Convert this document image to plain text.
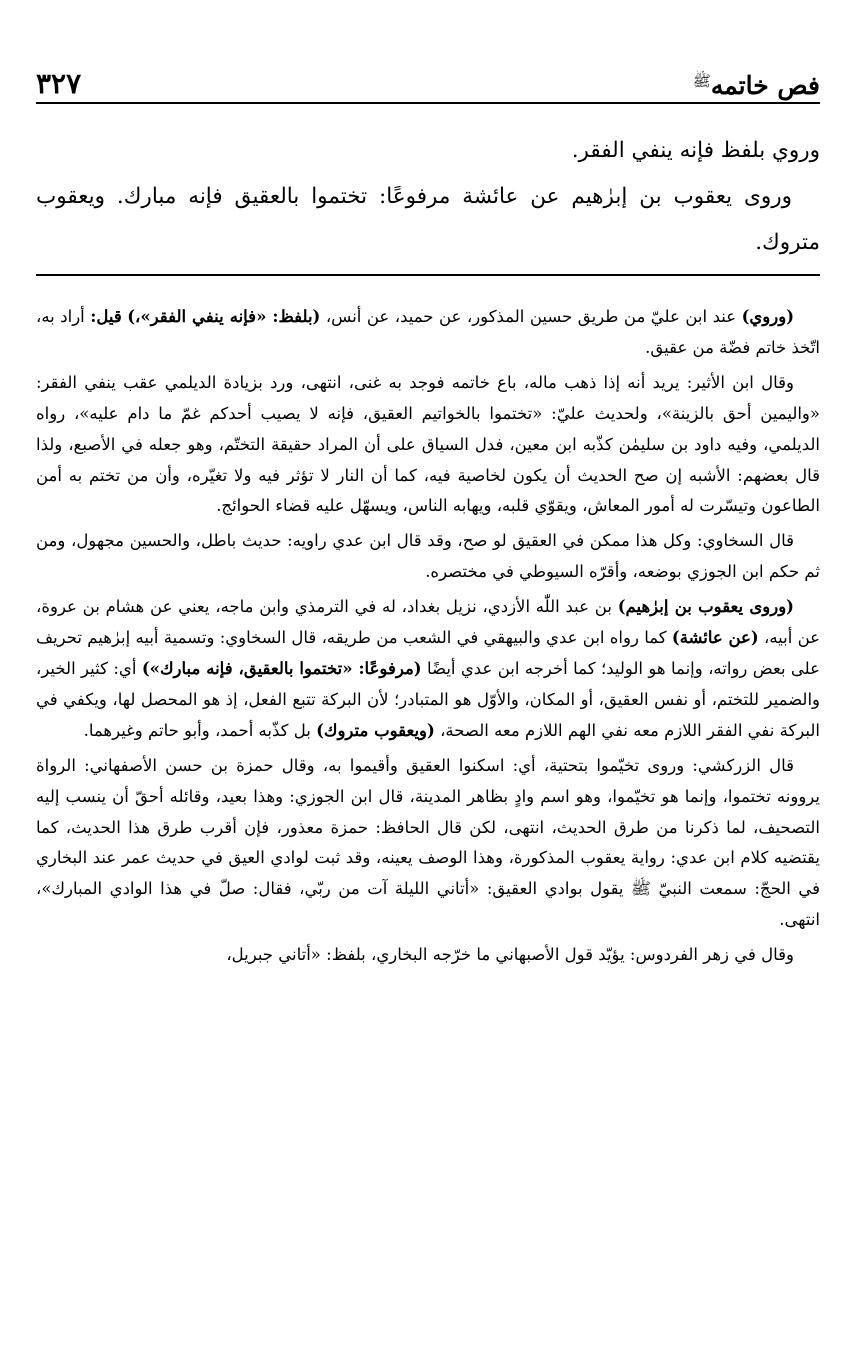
فص خاتمه$^ﷺ$
٣٢٧

وروي بلفظ فإنه ينفي الفقر.

وروى يعقوب بن إبرٰهيم عن عائشة مرفوعًا: تختموا بالعقيق فإنه مبارك. ويعقوب متروك.

(وروي) عند ابن عليّ من طريق حسين المذكور، عن حميد، عن أنس، (بلفظ: «فإنه ينفي الفقر»،) قيل: أراد به، اتّخذ خاتم فضّة من عقيق.

وقال ابن الأثير: يريد أنه إذا ذهب ماله، باع خاتمه فوجد به غنى، انتهى، ورد بزيادة الديلمي عقب ينفي الفقر: «واليمين أحق بالزينة»، ولحديث عليّ: «تختموا بالخواتيم العقيق، فإنه لا يصيب أحدكم غمّ ما دام عليه»، رواه الديلمي، وفيه داود بن سليمٰن كذّبه ابن معين، فدل السياق على أن المراد حقيقة التختّم، وهو جعله في الأصبع، ولذا قال بعضهم: الأشبه إن صح الحديث أن يكون لخاصية فيه، كما أن النار لا تؤثر فيه ولا تغيّره، وأن من تختم به أمن الطاعون وتيسّرت له أمور المعاش، ويقوّي قلبه، ويهابه الناس، ويسهّل عليه قضاء الحوائج.

قال السخاوي: وكل هذا ممكن في العقيق لو صح، وقد قال ابن عدي راويه: حديث باطل، والحسين مجهول، ومن ثم حكم ابن الجوزي بوضعه، وأقرّه السيوطي في مختصره.

(وروى يعقوب بن إبرٰهيم) بن عبد اللّٰه الأزدي، نزيل بغداد، له في الترمذي وابن ماجه، يعني عن هشام بن عروة، عن أبيه، (عن عائشة) كما رواه ابن عدي والبيهقي في الشعب من طريقه، قال السخاوي: وتسمية أبيه إبرٰهيم تحريف على بعض رواته، وإنما هو الوليد؛ كما أخرجه ابن عدي أيضًا (مرفوعًا: «تختموا بالعقيق، فإنه مبارك») أي: كثير الخير، والضمير للتختم، أو نفس العقيق، أو المكان، والأوّل هو المتبادر؛ لأن البركة تتبع الفعل، إذ هو المحصل لها، ويكفي في البركة نفي الفقر اللازم معه نفي الهم اللازم معه الصحة، (ويعقوب متروك) بل كذّبه أحمد، وأبو حاتم وغيرهما.

قال الزركشي: وروى تخيّموا بتحتية، أي: اسكنوا العقيق وأقيموا به، وقال حمزة بن حسن الأصفهاني: الرواة يروونه تختموا، وإنما هو تخيّموا، وهو اسم وادٍ بظاهر المدينة، قال ابن الجوزي: وهذا بعيد، وقائله أحقّ أن ينسب إليه التصحيف، لما ذكرنا من طرق الحديث، انتهى، لكن قال الحافظ: حمزة معذور، فإن أقرب طرق هذا الحديث، كما يقتضيه كلام ابن عدي: رواية يعقوب المذكورة، وهذا الوصف يعينه، وقد ثبت لوادي العيق في حديث عمر عند البخاري في الحجّ: سمعت النبيّ ﷺ يقول بوادي العقيق: «أتاني الليلة آت من ربّي، فقال: صلّ في هذا الوادي المبارك»، انتهى.

وقال في زهر الفردوس: يؤيّد قول الأصبهاني ما خرّجه البخاري، بلفظ: «أتاني جبريل،
